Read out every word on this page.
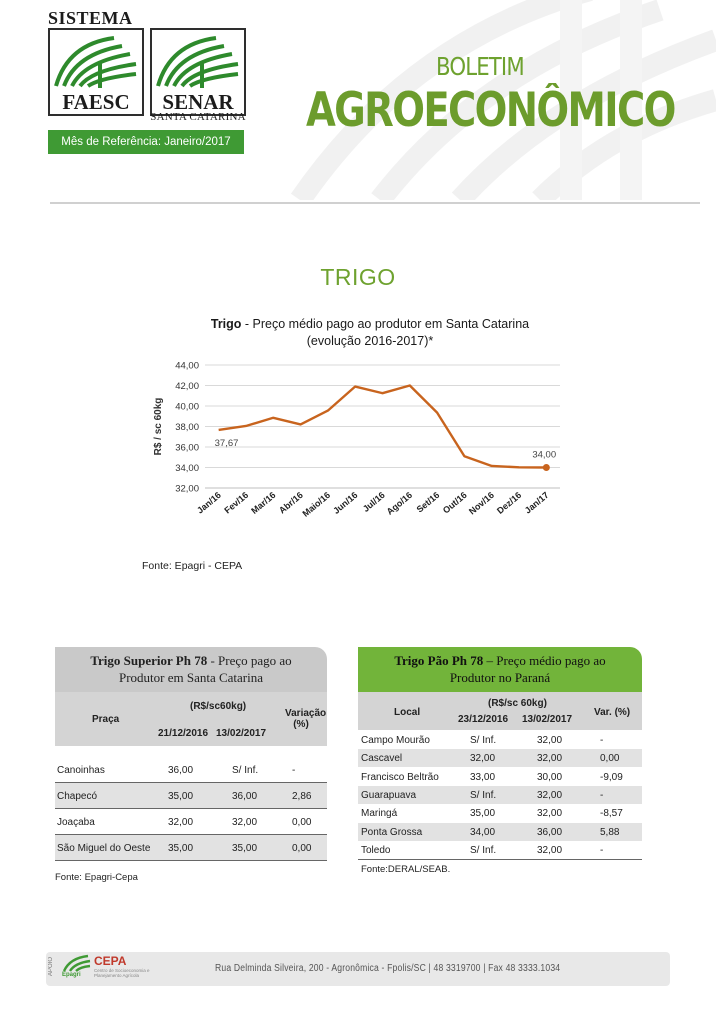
SISTEMA
FAESC	SENAR
SANTA CATARINA
Mês de Referência: Janeiro/2017
BOLETIM
AGROECONÔMICO
TRIGO
Trigo - Preço médio pago ao produtor em Santa Catarina
(evolução 2016-2017)*
32,00
34,00
36,00
38,00
40,00
42,00
44,00
R$ / sc 60kg
Jan/16 Fev/16 Mar/16 Abr/16
Maio/16 Jun/16 Jul/16
Ago/16 Set/16 Out/16
Nov/16 Dez/16 Jan/17
37,67
34,00
Fonte: Epagri - CEPA
Trigo Superior Ph 78 - Preço pago ao
Produtor em Santa Catarina
Praça
(R$/sc60kg)
21/12/2016 13/02/2017
Variação
(%)
Canoinhas	36,00	S/ Inf.	-
Chapecó	35,00	36,00	2,86
Joaçaba	32,00	32,00	0,00
São Miguel do Oeste 35,00	35,00	0,00
Fonte: Epagri-Cepa
Trigo Pão Ph 78 – Preço médio pago ao
Produtor no Paraná
Local
(R$/sc 60kg)
23/12/2016 13/02/2017
Var. (%)
Campo Mourão	S/ Inf.	32,00	-
Cascavel	32,00	32,00	0,00
Francisco Beltrão	33,00	30,00	-9,09
Guarapuava	S/ Inf.	32,00	-
Maringá	35,00	32,00	-8,57
Ponta Grossa	34,00	36,00	5,88
Toledo	S/ Inf.	32,00	-
Fonte:DERAL/SEAB.
APOIO Epagri
CEPA
Centro de Socioeconomia e Planejamento Agrícola
Rua Delminda Silveira, 200 - Agronômica - Fpolis/SC | 48 3319700 | Fax 48 3333.1034
